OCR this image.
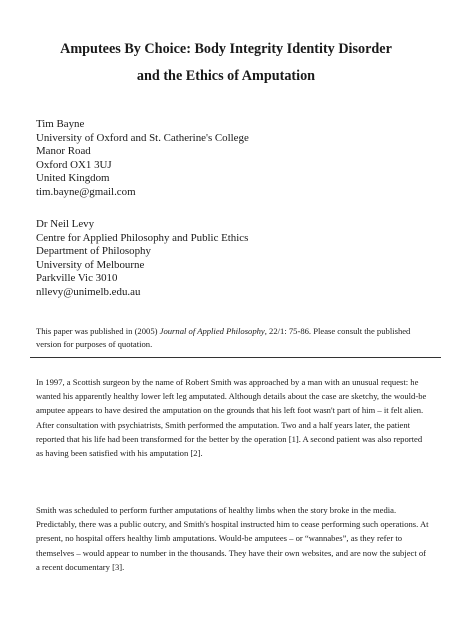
Amputees By Choice: Body Integrity Identity Disorder
and the Ethics of Amputation
Tim Bayne
University of Oxford and St. Catherine's College
Manor Road
Oxford OX1 3UJ
United Kingdom
tim.bayne@gmail.com
Dr Neil Levy
Centre for Applied Philosophy and Public Ethics
Department of Philosophy
University of Melbourne
Parkville Vic 3010
nllevy@unimelb.edu.au
This paper was published in (2005) Journal of Applied Philosophy, 22/1: 75-86. Please consult the published version for purposes of quotation.

In 1997, a Scottish surgeon by the name of Robert Smith was approached by a man with an unusual request: he wanted his apparently healthy lower left leg amputated. Although details about the case are sketchy, the would-be amputee appears to have desired the amputation on the grounds that his left foot wasn't part of him – it felt alien. After consultation with psychiatrists, Smith performed the amputation. Two and a half years later, the patient reported that his life had been transformed for the better by the operation [1]. A second patient was also reported as having been satisfied with his amputation [2].

Smith was scheduled to perform further amputations of healthy limbs when the story broke in the media. Predictably, there was a public outcry, and Smith's hospital instructed him to cease performing such operations. At present, no hospital offers healthy limb amputations. Would-be amputees – or “wannabes”, as they refer to themselves – would appear to number in the thousands. They have their own websites, and are now the subject of a recent documentary [3].
